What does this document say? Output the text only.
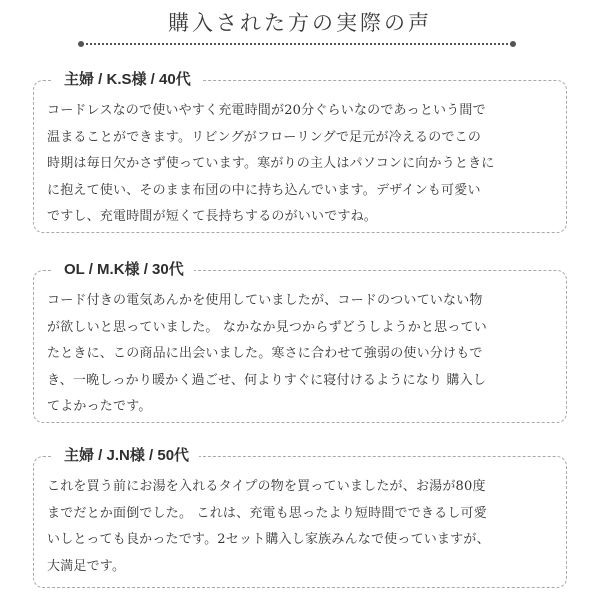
購入された方の実際の声
主婦 / K.S様 / 40代
コードレスなので使いやすく充電時間が20分ぐらいなのであっという間で
温まることができます。リビングがフローリングで足元が冷えるのでこの
時期は毎日欠かさず使っています。寒がりの主人はパソコンに向かうときに
に抱えて使い、そのまま布団の中に持ち込んでいます。デザインも可愛い
ですし、充電時間が短くて長持ちするのがいいですね。
OL / M.K様 / 30代
コード付きの電気あんかを使用していましたが、コードのついていない物
が欲しいと思っていました。 なかなか見つからずどうしようかと思ってい
たときに、この商品に出会いました。寒さに合わせて強弱の使い分けもで
き、一晩しっかり暖かく過ごせ、何よりすぐに寝付けるようになり 購入し
てよかったです。
主婦 / J.N様 / 50代
これを買う前にお湯を入れるタイプの物を買っていましたが、お湯が80度
までだとか面倒でした。 これは、充電も思ったより短時間でできるし可愛
いしとっても良かったです。2セット購入し家族みんなで使っていますが、
大満足です。
